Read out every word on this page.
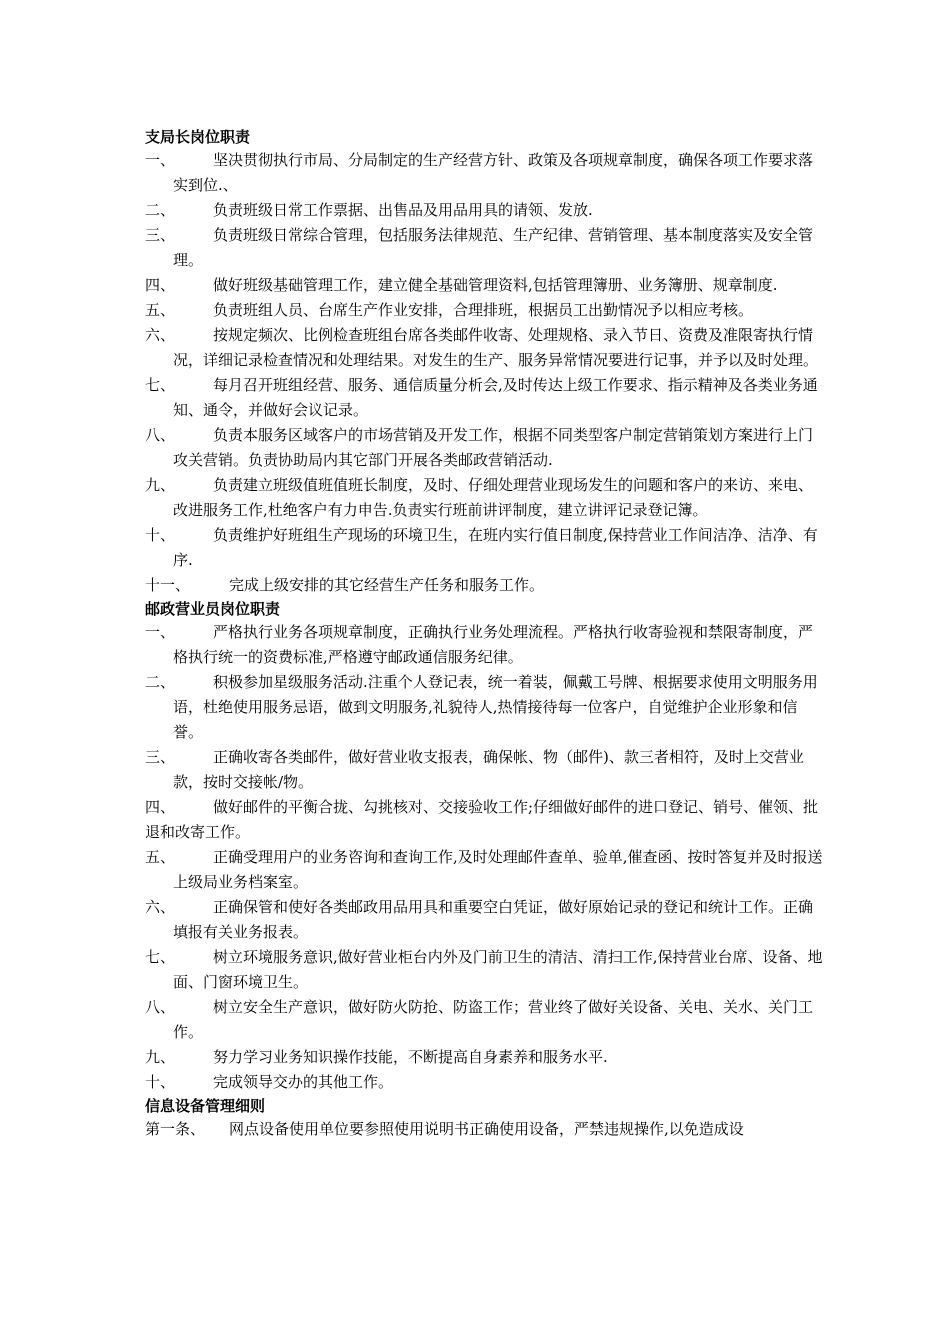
支局长岗位职责
一、	坚决贯彻执行市局、分局制定的生产经营方针、政策及各项规章制度，确保各项工作要求落实到位.、
二、	负责班级日常工作票据、出售品及用品用具的请领、发放.
三、	负责班级日常综合管理，包括服务法律规范、生产纪律、营销管理、基本制度落实及安全管理。
四、	做好班级基础管理工作，建立健全基础管理资料,包括管理簿册、业务簿册、规章制度.
五、	负责班组人员、台席生产作业安排，合理排班，根据员工出勤情况予以相应考核。
六、	按规定频次、比例检查班组台席各类邮件收寄、处理规格、录入节日、资费及准限寄执行情况，详细记录检查情况和处理结果。对发生的生产、服务异常情况要进行记事，并予以及时处理。
七、	每月召开班组经营、服务、通信质量分析会,及时传达上级工作要求、指示精神及各类业务通知、通令，并做好会议记录。
八、	负责本服务区域客户的市场营销及开发工作，根据不同类型客户制定营销策划方案进行上门攻关营销。负责协助局内其它部门开展各类邮政营销活动.
九、	负责建立班级值班值班长制度，及时、仔细处理营业现场发生的问题和客户的来访、来电、改进服务工作,杜绝客户有力申告.负责实行班前讲评制度，建立讲评记录登记簿。
十、	负责维护好班组生产现场的环境卫生，在班内实行值日制度,保持营业工作间洁净、洁净、有序.
十一、	完成上级安排的其它经营生产任务和服务工作。
邮政营业员岗位职责
一、	严格执行业务各项规章制度，正确执行业务处理流程。严格执行收寄验视和禁限寄制度，严格执行统一的资费标准,严格遵守邮政通信服务纪律。
二、	积极参加星级服务活动.注重个人登记表，统一着装，佩戴工号牌、根据要求使用文明服务用语，杜绝使用服务忌语，做到文明服务,礼貌待人,热情接待每一位客户，自觉维护企业形象和信誉。
三、	正确收寄各类邮件，做好营业收支报表，确保帐、物（邮件)、款三者相符，及时上交营业款，按时交接帐/物。
四、	做好邮件的平衡合拢、勾挑核对、交接验收工作;仔细做好邮件的进口登记、销号、催领、批退和改寄工作。
五、	正确受理用户的业务咨询和查询工作,及时处理邮件查单、验单,催查函、按时答复并及时报送上级局业务档案室。
六、	正确保管和使好各类邮政用品用具和重要空白凭证，做好原始记录的登记和统计工作。正确填报有关业务报表。
七、	树立环境服务意识,做好营业柜台内外及门前卫生的清洁、清扫工作,保持营业台席、设备、地面、门窗环境卫生。
八、	树立安全生产意识，做好防火防抢、防盗工作；营业终了做好关设备、关电、关水、关门工作。
九、	努力学习业务知识操作技能，不断提高自身素养和服务水平.
十、	完成领导交办的其他工作。
信息设备管理细则
第一条、	网点设备使用单位要参照使用说明书正确使用设备，严禁违规操作,以免造成设
